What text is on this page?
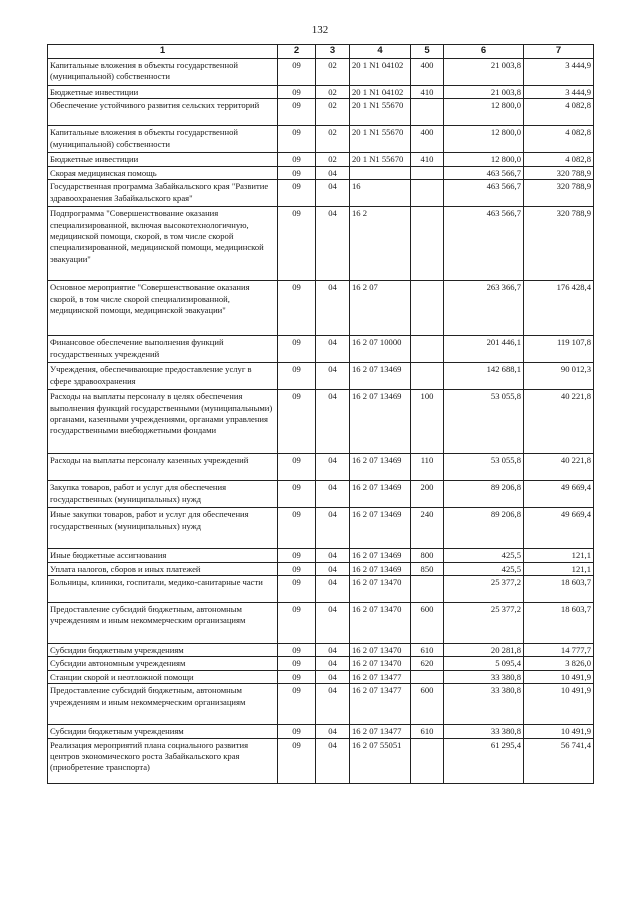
132
1	2	3	4	5	6	7
Капитальные вложения в объекты государственной (муниципальной) собственности	09	02	20 1 N1 04102	400	21 003,8	3 444,9
Бюджетные инвестиции	09	02	20 1 N1 04102	410	21 003,8	3 444,9
Обеспечение устойчивого развития сельских территорий	09	02	20 1 N1 55670		12 800,0	4 082,8
Капитальные вложения в объекты государственной (муниципальной) собственности	09	02	20 1 N1 55670	400	12 800,0	4 082,8
Бюджетные инвестиции	09	02	20 1 N1 55670	410	12 800,0	4 082,8
Скорая медицинская помощь	09	04			463 566,7	320 788,9
Государственная программа Забайкальского края "Развитие здравоохранения Забайкальского края"	09	04	16		463 566,7	320 788,9
Подпрограмма "Совершенствование оказания специализированной, включая высокотехнологичную, медицинской помощи, скорой, в том числе скорой специализированной, медицинской помощи, медицинской эвакуации"	09	04	16 2		463 566,7	320 788,9
Основное мероприятие "Совершенствование оказания скорой, в том числе скорой специализированной, медицинской помощи, медицинской эвакуации"	09	04	16 2 07		263 366,7	176 428,4
Финансовое обеспечение выполнения функций государственных учреждений	09	04	16 2 07 10000		201 446,1	119 107,8
Учреждения, обеспечивающие предоставление услуг в сфере здравоохранения	09	04	16 2 07 13469		142 688,1	90 012,3
Расходы на выплаты персоналу в целях обеспечения выполнения функций государственными (муниципальными) органами, казенными учреждениями, органами управления государственными внебюджетными фондами	09	04	16 2 07 13469	100	53 055,8	40 221,8
Расходы на выплаты персоналу казенных учреждений	09	04	16 2 07 13469	110	53 055,8	40 221,8
Закупка товаров, работ и услуг для обеспечения государственных (муниципальных) нужд	09	04	16 2 07 13469	200	89 206,8	49 669,4
Иные закупки товаров, работ и услуг для обеспечения государственных (муниципальных) нужд	09	04	16 2 07 13469	240	89 206,8	49 669,4
Иные бюджетные ассигнования	09	04	16 2 07 13469	800	425,5	121,1
Уплата налогов, сборов и иных платежей	09	04	16 2 07 13469	850	425,5	121,1
Больницы, клиники, госпитали, медико-санитарные части	09	04	16 2 07 13470		25 377,2	18 603,7
Предоставление субсидий бюджетным, автономным учреждениям и иным некоммерческим организациям	09	04	16 2 07 13470	600	25 377,2	18 603,7
Субсидии бюджетным учреждениям	09	04	16 2 07 13470	610	20 281,8	14 777,7
Субсидии автономным учреждениям	09	04	16 2 07 13470	620	5 095,4	3 826,0
Станции скорой и неотложной помощи	09	04	16 2 07 13477		33 380,8	10 491,9
Предоставление субсидий бюджетным, автономным учреждениям и иным некоммерческим организациям	09	04	16 2 07 13477	600	33 380,8	10 491,9
Субсидии бюджетным учреждениям	09	04	16 2 07 13477	610	33 380,8	10 491,9
Реализация мероприятий плана социального развития центров экономического роста Забайкальского края (приобретение транспорта)	09	04	16 2 07 55051		61 295,4	56 741,4
